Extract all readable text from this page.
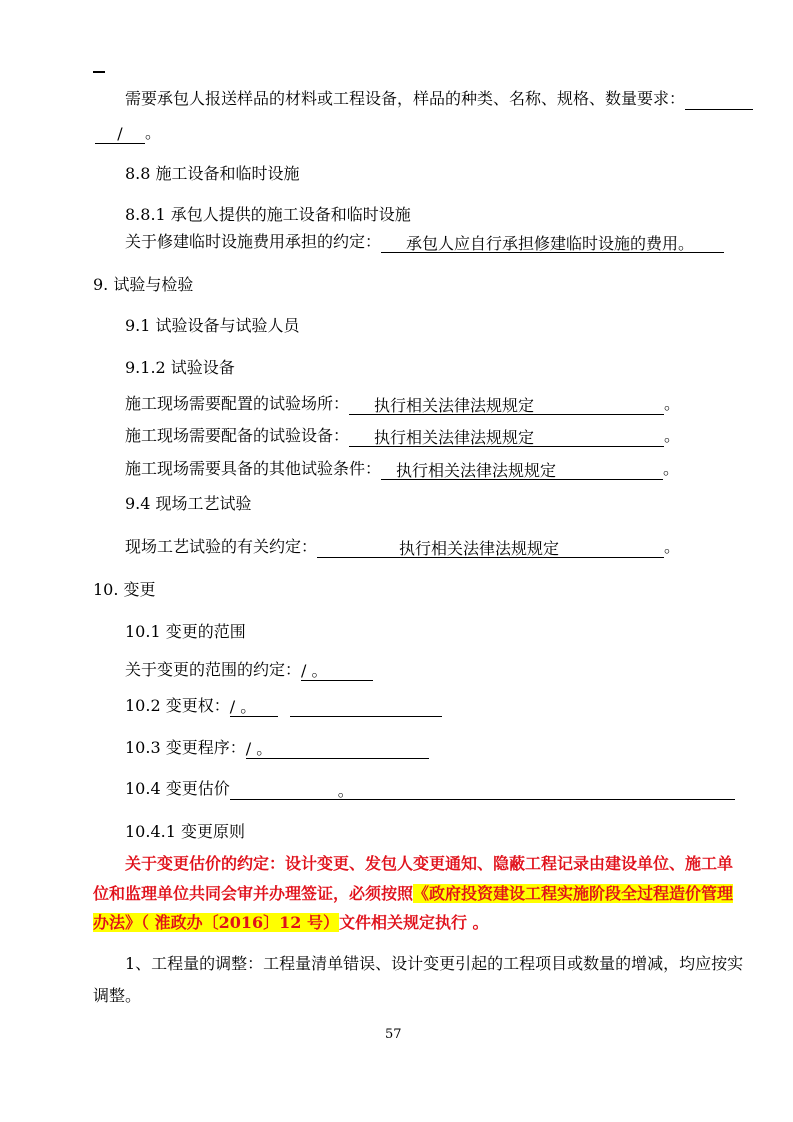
需要承包人报送样品的材料或工程设备，样品的种类、名称、规格、数量要求：
/ 。
8.8 施工设备和临时设施
8.8.1 承包人提供的施工设备和临时设施
关于修建临时设施费用承担的约定： 承包人应自行承担修建临时设施的费用。
9. 试验与检验
9.1 试验设备与试验人员
9.1.2 试验设备
施工现场需要配置的试验场所： 执行相关法律法规规定	。
施工现场需要配备的试验设备： 执行相关法律法规规定	。
施工现场需要具备的其他试验条件： 执行相关法律法规规定	。
9.4 现场工艺试验
现场工艺试验的有关约定：	执行相关法律法规规定	。
10. 变更
10.1 变更的范围
关于变更的范围的约定：/ 。
10.2 变更权：/ 。
10.3 变更程序：/ 。
10.4 变更估价	。
10.4.1 变更原则
关于变更估价的约定：设计变更、发包人变更通知、隐蔽工程记录由建设单位、施工单
位和监理单位共同会审并办理签证，必须按照《政府投资建设工程实施阶段全过程造价管理
办法》（ 淮政办〔2016〕12 号）文件相关规定执行 。
1、工程量的调整：工程量清单错误、设计变更引起的工程项目或数量的增减，均应按实
调整。
57
